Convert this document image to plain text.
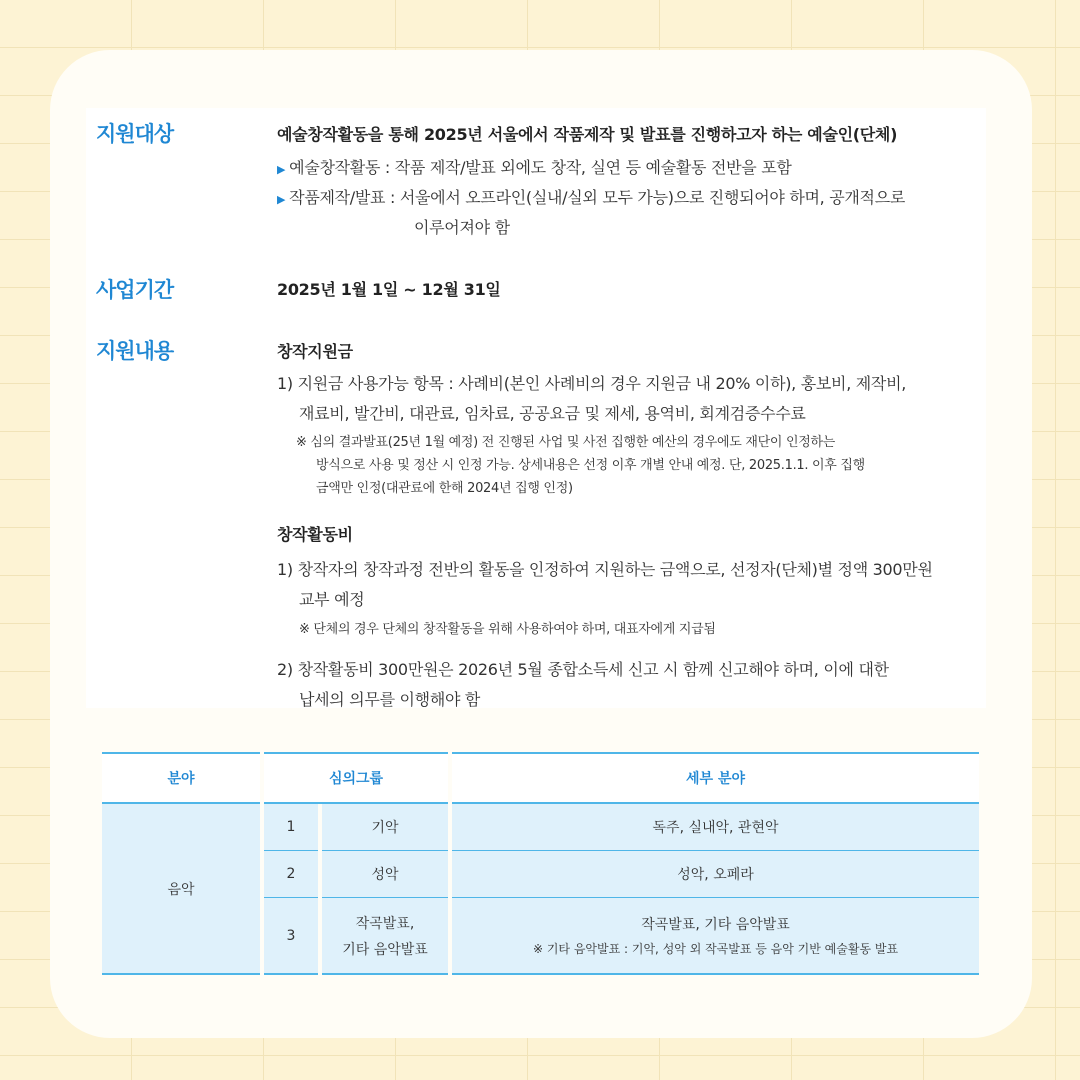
지원대상	예술창작활동을 통해 2025년 서울에서 작품제작 및 발표를 진행하고자 하는 예술인(단체)

▶ 예술창작활동 : 작품 제작/발표 외에도 창작, 실연 등 예술활동 전반을 포함

▶ 작품제작/발표 : 서울에서 오프라인(실내/실외 모두 가능)으로 진행되어야 하며, 공개적으로

이루어져야 함

사업기간	2025년 1월 1일 ~ 12월 31일

지원내용	창작지원금

1) 지원금 사용가능 항목 : 사례비(본인 사례비의 경우 지원금 내 20% 이하), 홍보비, 제작비,

재료비, 발간비, 대관료, 임차료, 공공요금 및 제세, 용역비, 회계검증수수료

※ 심의 결과발표(25년 1월 예정) 전 진행된 사업 및 사전 집행한 예산의 경우에도 재단이 인정하는

방식으로 사용 및 정산 시 인정 가능. 상세내용은 선정 이후 개별 안내 예정. 단, 2025.1.1. 이후 집행

금액만 인정(대관료에 한해 2024년 집행 인정)

창작활동비

1) 창작자의 창작과정 전반의 활동을 인정하여 지원하는 금액으로, 선정자(단체)별 정액 300만원

교부 예정

※ 단체의 경우 단체의 창작활동을 위해 사용하여야 하며, 대표자에게 지급됨

2) 창작활동비 300만원은 2026년 5월 종합소득세 신고 시 함께 신고해야 하며, 이에 대한

납세의 의무를 이행해야 함

분야	심의그룹		세부 분야
음악	1	기악	독주, 실내악, 관현악
	2	성악	성악, 오페라
	3	작곡발표,
기타 음악발표	작곡발표, 기타 음악발표
※ 기타 음악발표 : 기악, 성악 외 작곡발표 등 음악 기반 예술활동 발표
